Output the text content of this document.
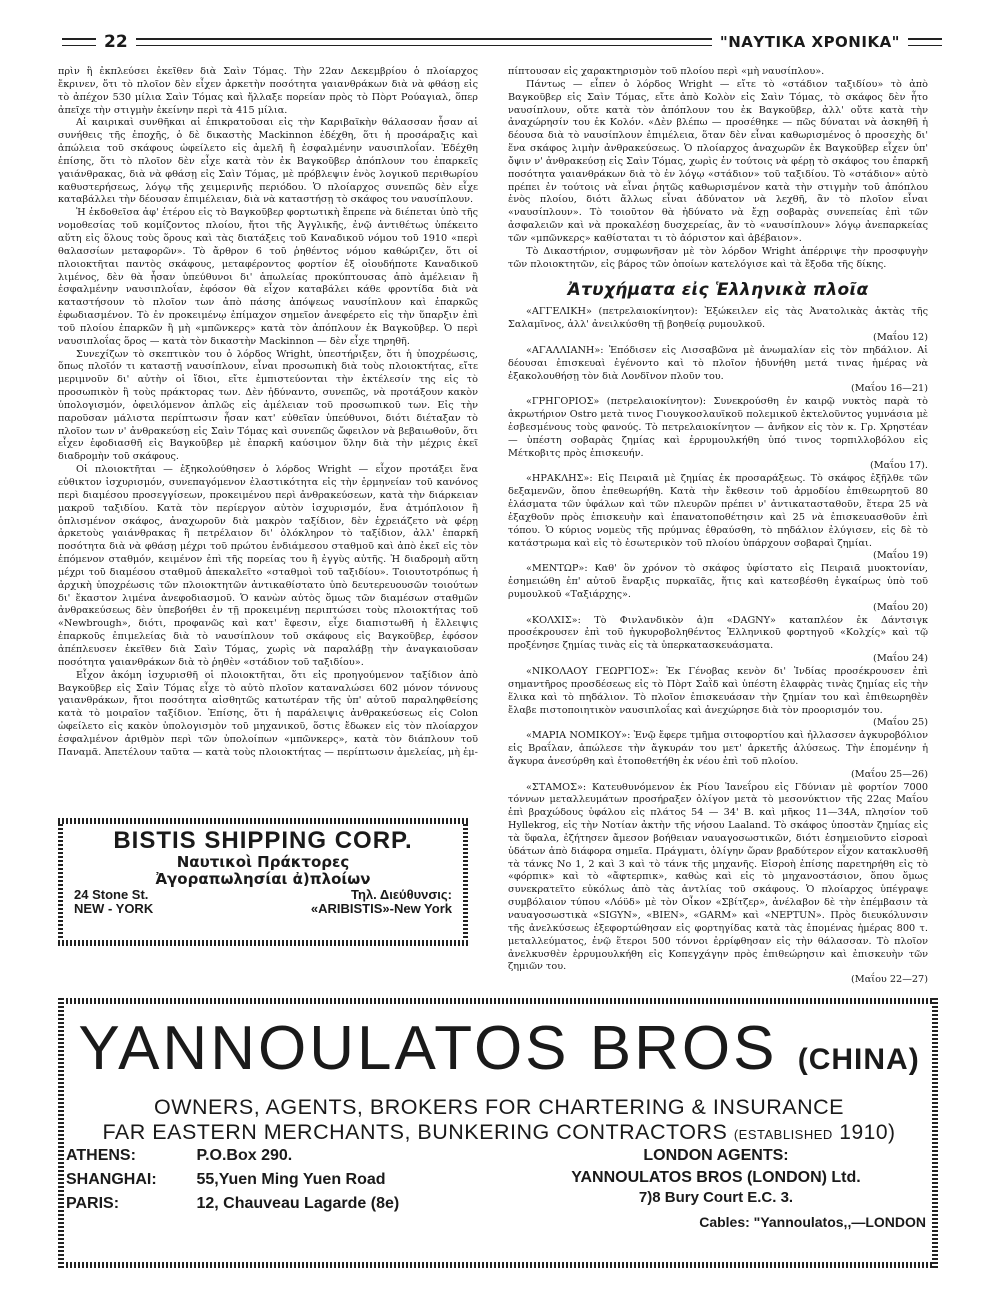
22	"ΝΑΥΤΙΚΑ ΧΡΟΝΙΚΑ"

πρὶν ἢ ἐκπλεύσει ἐκεῖθεν διὰ Σαὶν Τόμας. Τὴν 22αν Δεκεμβρίου ὁ πλοίαρχος ἔκρινεν, ὅτι τὸ πλοῖον δὲν εἶχεν ἀρκετὴν ποσότητα γαιανθράκων διὰ νὰ φθάσῃ εἰς τὸ ἀπέχον 530 μίλια Σαὶν Τόμας καὶ ἤλλαξε πορείαν πρὸς τὸ Πὸρτ Ρούαγιαλ, ὅπερ ἀπεῖχε τὴν στιγμὴν ἐκείνην περὶ τὰ 415 μίλια.

Αἱ καιρικαὶ συνθῆκαι αἱ ἐπικρατοῦσαι εἰς τὴν Καριβαϊκὴν θάλασσαν ἦσαν αἱ συνήθεις τῆς ἐποχῆς, ὁ δὲ δικαστὴς Mackinnon ἐδέχθη, ὅτι ἡ προσάραξις καὶ ἀπώλεια τοῦ σκάφους ὠφείλετο εἰς ἀμελῆ ἢ ἐσφαλμένην ναυσιπλοΐαν. Ἐδέχθη ἐπίσης, ὅτι τὸ πλοῖον δὲν εἶχε κατὰ τὸν ἐκ Βαγκοῦβερ ἀπόπλουν του ἐπαρκεῖς γαιάνθρακας, διὰ νὰ φθάσῃ εἰς Σαὶν Τόμας, μὲ πρόβλεψιν ἑνὸς λογικοῦ περιθωρίου καθυστερήσεως, λόγῳ τῆς χειμερινῆς περιόδου. Ὁ πλοίαρχος συνεπῶς δὲν εἶχε καταβάλλει τὴν δέουσαν ἐπιμέλειαν, διὰ νὰ καταστήσῃ τὸ σκάφος του ναυσίπλουν.

Ἡ ἐκδοθεῖσα ἀφ' ἑτέρου εἰς τὸ Βαγκοῦβερ φορτωτικὴ ἔπρεπε νὰ διέπεται ὑπὸ τῆς νομοθεσίας τοῦ κομίζοντος πλοίου, ἤτοι τῆς Ἀγγλικῆς, ἐνῷ ἀντιθέτως ὑπέκειτο αὕτη εἰς ὅλους τοὺς ὅρους καὶ τὰς διατάξεις τοῦ Καναδικοῦ νόμου τοῦ 1910 «περὶ θαλασσίων μεταφορῶν». Τὸ ἄρθρον 6 τοῦ ῥηθέντος νόμου καθώριζεν, ὅτι οἱ πλοιοκτῆται παντὸς σκάφους, μεταφέροντος φορτίον ἐξ οἱουδήποτε Καναδικοῦ λιμένος, δὲν θὰ ἦσαν ὑπεύθυνοι δι' ἀπωλείας προκύπτουσας ἀπὸ ἀμέλειαν ἢ ἐσφαλμένην ναυσιπλοΐαν, ἐφόσον θὰ εἶχον καταβάλει κάθε φροντίδα διὰ νὰ καταστήσουν τὸ πλοῖον των ἀπὸ πάσης ἀπόψεως ναυσίπλουν καὶ ἐπαρκῶς ἐφωδιασμένον. Τὸ ἐν προκειμένῳ ἐπίμαχον σημεῖον ἀνεφέρετο εἰς τὴν ὕπαρξιν ἐπὶ τοῦ πλοίου ἐπαρκῶν ἢ μὴ «μπῶνκερς» κατὰ τὸν ἀπόπλουν ἐκ Βαγκοῦβερ. Ὁ περὶ ναυσιπλοΐας ὅρος — κατὰ τὸν δικαστὴν Mackinnon — δὲν εἶχε τηρηθῆ.

Συνεχίζων τὸ σκεπτικὸν του ὁ λόρδος Wright, ὑπεστήριξεν, ὅτι ἡ ὑποχρέωσις, ὅπως πλοῖόν τι καταστῇ ναυσίπλουν, εἶναι προσωπικὴ διὰ τοὺς πλοιοκτήτας, εἴτε μεριμνοῦν δι' αὐτὴν οἱ ἴδιοι, εἴτε ἐμπιστεύονται τὴν ἐκτέλεσίν της εἰς τὸ προσωπικὸν ἢ τοὺς πράκτορας των. Δὲν ἠδύναντο, συνεπῶς, νὰ προτάξουν κακὸν ὑπολογισμόν, ὀφειλόμενον ἁπλῶς εἰς ἀμέλειαν τοῦ προσωπικοῦ των. Εἰς τὴν παροῦσαν μάλιστα περίπτωσιν ἦσαν κατ' εὐθεῖαν ὑπεύθυνοι, διότι διέταξαν τὸ πλοῖον των ν' ἀνθρακεύσῃ εἰς Σαὶν Τόμας καὶ συνεπῶς ὤφειλον νὰ βεβαιωθοῦν, ὅτι εἶχεν ἐφοδιασθῆ εἰς Βαγκοῦβερ μὲ ἐπαρκῆ καύσιμον ὕλην διὰ τὴν μέχρις ἐκεῖ διαδρομὴν τοῦ σκάφους.

Οἱ πλοιοκτῆται — ἐξηκολούθησεν ὁ λόρδος Wright — εἶχον προτάξει ἕνα εὐθικτον ἰσχυρισμόν, συνεπαγόμενον ἐλαστικότητα εἰς τὴν ἑρμηνείαν τοῦ κανόνος περὶ διαμέσου προσεγγίσεων, προκειμένου περὶ ἀνθρακεύσεων, κατὰ τὴν διάρκειαν μακροῦ ταξιδίου. Κατὰ τὸν περίεργον αὐτὸν ἰσχυρισμόν, ἕνα ἀτμόπλοιον ἢ ὁπλισμένον σκάφος, ἀναχωροῦν διὰ μακρὸν ταξίδιον, δὲν ἐχρειάζετο νὰ φέρῃ ἀρκετοὺς γαιάνθρακας ἢ πετρέλαιον δι' ὁλόκληρον τὸ ταξίδιον, ἀλλ' ἐπαρκῆ ποσότητα διὰ νὰ φθάσῃ μέχρι τοῦ πρώτου ἐνδιάμεσου σταθμοῦ καὶ ἀπὸ ἐκεῖ εἰς τὸν ἑπόμενον σταθμόν, κειμένον ἐπὶ τῆς πορείας του ἢ ἐγγὺς αὐτῆς. Ἡ διαδρομὴ αὕτη μέχρι τοῦ διαμέσου σταθμοῦ ἀπεκαλεῖτο «σταθμοὶ τοῦ ταξιδίου». Τοιουτοτρόπως ἡ ἀρχικὴ ὑποχρέωσις τῶν πλοιοκτητῶν ἀντικαθίστατο ὑπὸ δευτερευουσῶν τοιούτων δι' ἕκαστον λιμένα ἀνεφοδιασμοῦ. Ὁ κανὼν αὐτὸς ὅμως τῶν διαμέσων σταθμῶν ἀνθρακεύσεως δὲν ὑπεβοήθει ἐν τῇ προκειμένῃ περιπτώσει τοὺς πλοιοκτήτας τοῦ «Newbrough», διότι, προφανῶς καὶ κατ' ἔφεσιν, εἶχε διαπιστωθῆ ἡ ἔλλειψις ἐπαρκοῦς ἐπιμελείας διὰ τὸ ναυσίπλουν τοῦ σκάφους εἰς Βαγκοῦβερ, ἐφόσον ἀπέπλευσεν ἐκεῖθεν διὰ Σαὶν Τόμας, χωρὶς νὰ παραλάβῃ τὴν ἀναγκαιοῦσαν ποσότητα γαιανθράκων διὰ τὸ ῥηθὲν «στάδιον τοῦ ταξιδίου».

Εἶχον ἀκόμη ἰσχυρισθῆ οἱ πλοιοκτῆται, ὅτι εἰς προηγούμενον ταξίδιον ἀπὸ Βαγκοῦβερ εἰς Σαὶν Τόμας εἶχε τὸ αὐτὸ πλοῖον καταναλώσει 602 μόνον τόννους γαιανθράκων, ἤτοι ποσότητα αἰσθητῶς κατωτέραν τῆς ὑπ' αὐτοῦ παραληφθείσης κατὰ τὸ μοιραῖον ταξίδιον. Ἐπίσης, ὅτι ἡ παράλειψις ἀνθρακεύσεως εἰς Colon ὠφείλετο εἰς κακὸν ὑπολογισμὸν τοῦ μηχανικοῦ, ὅστις ἔδωκεν εἰς τὸν πλοίαρχον ἐσφαλμένον ἀριθμὸν περὶ τῶν ὑπολοίπων «μπῶνκερς», κατὰ τὸν διάπλουν τοῦ Παναμᾶ. Ἀπετέλουν ταῦτα — κατὰ τοὺς πλοιοκτήτας — περίπτωσιν ἀμελείας, μὴ ἐμ-

πίπτουσαν εἰς χαρακτηρισμὸν τοῦ πλοίου περὶ «μὴ ναυσίπλου».

Πάντως — εἶπεν ὁ λόρδος Wright — εἴτε τὸ «στάδιον ταξιδίου» τὸ ἀπὸ Βαγκοῦβερ εἰς Σαὶν Τόμας, εἴτε ἀπὸ Κολὸν εἰς Σαὶν Τόμας, τὸ σκάφος δὲν ἦτο ναυσίπλουν, οὔτε κατὰ τὸν ἀπόπλουν του ἐκ Βαγκοῦβερ, ἀλλ' οὔτε κατὰ τὴν ἀναχώρησίν του ἐκ Κολόν. «Δὲν βλέπω — προσέθηκε — πῶς δύναται νὰ ἀσκηθῆ ἡ δέουσα διὰ τὸ ναυσίπλουν ἐπιμέλεια, ὅταν δὲν εἶναι καθωρισμένος ὁ προσεχὴς δι' ἕνα σκάφος λιμὴν ἀνθρακεύσεως. Ὁ πλοίαρχος ἀναχωρῶν ἐκ Βαγκοῦβερ εἶχεν ὑπ' ὄψιν ν' ἀνθρακεύσῃ εἰς Σαὶν Τόμας, χωρὶς ἐν τούτοις νὰ φέρῃ τὸ σκάφος του ἐπαρκῆ ποσότητα γαιανθράκων διὰ τὸ ἐν λόγῳ «στάδιον» τοῦ ταξιδίου. Τὸ «στάδιον» αὐτὸ πρέπει ἐν τούτοις νὰ εἶναι ῥητῶς καθωρισμένον κατὰ τὴν στιγμὴν τοῦ ἀπόπλου ἑνὸς πλοίου, διότι ἄλλως εἶναι ἀδύνατον νὰ λεχθῆ, ἂν τὸ πλοῖον εἶναι «ναυσίπλουν». Τὸ τοιοῦτον θὰ ἠδύνατο νὰ ἔχῃ σοβαρὰς συνεπείας ἐπὶ τῶν ἀσφαλειῶν καὶ νὰ προκαλέσῃ δυσχερείας, ἂν τὸ «ναυσίπλουν» λόγῳ ἀνεπαρκείας τῶν «μπῶνκερς» καθίσταται τι τὸ ἀόριστον καὶ ἀβέβαιον».

Τὸ Δικαστήριον, συμφωνῆσαν μὲ τὸν λόρδον Wright ἀπέρριψε τὴν προσφυγὴν τῶν πλοιοκτητῶν, εἰς βάρος τῶν ὁποίων κατελόγισε καὶ τὰ ἔξοδα τῆς δίκης.

Ἀτυχήματα εἰς Ἑλληνικὰ πλοῖα

«ΑΓΓΕΛΙΚΗ» (πετρελαιοκίνητον): Ἐξώκειλεν εἰς τὰς Ἀνατολικὰς ἀκτὰς τῆς Σαλαμῖνος, ἀλλ' ἀνειλκύσθη τῇ βοηθείᾳ ρυμουλκοῦ.

(Μαΐου 12)

«ΑΓΑΛΛΙΑΝΗ»: Ἐπόδισεν εἰς Λισσαβῶνα μὲ ἀνωμαλίαν εἰς τὸν πηδάλιον. Αἱ δέουσαι ἐπισκευαὶ ἐγένοντο καὶ τὸ πλοῖον ἠδυνήθη μετά τινας ἡμέρας νὰ ἐξακολουθήσῃ τὸν διὰ Λονδῖνον πλοῦν του.

(Μαΐου 16—21)

«ΓΡΗΓΟΡΙΟΣ» (πετρελαιοκίνητον): Συνεκρούσθη ἐν καιρῷ νυκτὸς παρὰ τὸ ἀκρωτήριον Ostro μετὰ τινος Γιουγκοσλαυϊκοῦ πολεμικοῦ ἐκτελοῦντος γυμνάσια μὲ ἐσβεσμένους τοὺς φανούς. Τὸ πετρελαιοκίνητον — ἀνῆκον εἰς τὸν κ. Γρ. Χρηστέαν — ὑπέστη σοβαρὰς ζημίας καὶ ἐρρυμουλκήθη ὑπό τινος τορπιλλοβόλου εἰς Μέτκοβιτς πρὸς ἐπισκευήν.

(Μαΐου 17).

«ΗΡΑΚΛΗΣ»: Εἰς Πειραιᾶ μὲ ζημίας ἐκ προσαράξεως. Τὸ σκάφος ἐξῆλθε τῶν δεξαμενῶν, ὅπου ἐπεθεωρήθη. Κατὰ τὴν ἔκθεσιν τοῦ ἁρμοδίου ἐπιθεωρητοῦ 80 ἐλάσματα τῶν ὑφάλων καὶ τῶν πλευρῶν πρέπει ν' ἀντικατασταθοῦν, ἕτερα 25 νὰ ἐξαχθοῦν πρὸς ἐπισκευὴν καὶ ἐπανατοποθέτησιν καὶ 25 νὰ ἐπισκευασθοῦν ἐπὶ τόπου. Ὁ κύριος νομεὺς τῆς πρύμνας ἐθραύσθη, τὸ πηδάλιον ἐλύγισεν, εἰς δὲ τὸ κατάστρωμα καὶ εἰς τὸ ἐσωτερικὸν τοῦ πλοίου ὑπάρχουν σοβαραὶ ζημίαι.

(Μαΐου 19)

«ΜΕΝΤΩΡ»: Καθ' ὃν χρόνον τὸ σκάφος ὑφίστατο εἰς Πειραιᾶ μυοκτονίαν, ἐσημειώθη ἐπ' αὐτοῦ ἔναρξις πυρκαϊᾶς, ἥτις καὶ κατεσβέσθη ἐγκαίρως ὑπὸ τοῦ ρυμουλκοῦ «Ταξιάρχης».

(Μαΐου 20)

«ΚΟΛΧΙΣ»: Τὸ Φινλανδικὸν ἀ)π «DAGNY» καταπλέον ἐκ Δάντσιγκ προσέκρουσεν ἐπὶ τοῦ ἠγκυροβοληθέντος Ἑλληνικοῦ φορτηγοῦ «Κολχίς» καὶ τῷ προξένησε ζημίας τινὰς εἰς τὰ ὑπερκατασκευάσματα.

(Μαΐου 24)

«ΝΙΚΟΛΑΟΥ ΓΕΩΡΓΙΟΣ»: Ἐκ Γένοβας κενὸν δι' Ἰνδίας προσέκρουσεν ἐπὶ σημαντῆρος προσδέσεως εἰς τὸ Πὸρτ Σαῒδ καὶ ὑπέστη ἐλαφρὰς τινὰς ζημίας εἰς τὴν ἕλικα καὶ τὸ πηδάλιον. Τὸ πλοῖον ἐπισκευάσαν τὴν ζημίαν του καὶ ἐπιθεωρηθὲν ἔλαβε πιστοποιητικὸν ναυσιπλοΐας καὶ ἀνεχώρησε διὰ τὸν προορισμόν του.

(Μαΐου 25)

«ΜΑΡΙΑ ΝΟΜΙΚΟΥ»: Ἐνῷ ἔφερε τμῆμα σιτοφορτίου καὶ ἠλλασσεν ἀγκυροβόλιον εἰς Βραΐλαν, ἀπώλεσε τὴν ἄγκυράν του μετ' ἀρκετῆς ἁλύσεως. Τὴν ἑπομένην ἡ ἄγκυρα ἀνεσύρθη καὶ ἐτοποθετήθη ἐκ νέου ἐπὶ τοῦ πλοίου.

(Μαΐου 25—26)

«ΣΤΑΜΟΣ»: Κατευθυνόμενον ἐκ Ρίου Ἰανεΐρου εἰς Γδύνιαν μὲ φορτίον 7000 τόννων μεταλλευμάτων προσήραξεν ὀλίγον μετὰ τὸ μεσονύκτιον τῆς 22ας Μαΐου ἐπὶ βραχώδους ὑφάλου εἰς πλάτος 54 — 34' Β. καὶ μῆκος 11—34Α, πλησίον τοῦ Hyllekrog, εἰς τὴν Νοτίαν ἀκτὴν τῆς νήσου Laaland. Τὸ σκάφος ὑποστὰν ζημίας εἰς τὰ ὕφαλα, ἐζήτησεν ἄμεσον βοήθειαν ναυαγοσωστικῶν, διότι ἐσημειοῦντο εἰσροαὶ ὑδάτων ἀπὸ διάφορα σημεῖα. Πράγματι, ὀλίγην ὥραν βραδύτερον εἶχον κατακλυσθῆ τὰ τάνκς Νο 1, 2 καὶ 3 καὶ τὸ τάνκ τῆς μηχανῆς. Εἰσροὴ ἐπίσης παρετηρήθη εἰς τὸ «φόρπικ» καὶ τὸ «ἄφτερπικ», καθὼς καὶ εἰς τὸ μηχανοστάσιον, ὅπου ὅμως συνεκρατεῖτο εὐκόλως ἀπὸ τὰς ἀντλίας τοῦ σκάφους. Ὁ πλοίαρχος ὑπέγραψε συμβόλαιον τύπου «Λόϋδ» μὲ τὸν Οἶκον «Σβίτζερ», ἀνέλαβον δὲ τὴν ἐπέμβασιν τὰ ναυαγοσωστικὰ «SIGYN», «BIEN», «GARM» καὶ «NEPTUN». Πρὸς διευκόλυνσιν τῆς ἀνελκύσεως ἐξεφορτώθησαν εἰς φορτηγίδας κατὰ τὰς ἑπομένας ἡμέρας 800 τ. μεταλλεύματος, ἐνῷ ἕτεροι 500 τόννοι ἐρρίφθησαν εἰς τὴν θάλασσαν. Τὸ πλοῖον ἀνελκυσθὲν ἐρρυμουλκήθη εἰς Κοπεγχάγην πρὸς ἐπιθεώρησιν καὶ ἐπισκευὴν τῶν ζημιῶν του.

(Μαΐου 22—27)

BISTIS SHIPPING CORP.
Ναυτικοὶ Πράκτορες
Ἀγοραπωλησίαι ἀ)πλοίων
24 Stone St.	Τηλ. Διεύθυνσις:
NEW - YORK	«ARIBISTIS»-New York
YANNOULATOS BROS (CHINA)
OWNERS, AGENTS, BROKERS FOR CHARTERING & INSURANCE
FAR EASTERN MERCHANTS, BUNKERING CONTRACTORS (ESTABLISHED 1910)
ATHENS:	P.O.Box 290.
SHANGHAI: 55,Yuen Ming Yuen Road
PARIS:	12, Chauveau Lagarde (8e)
LONDON AGENTS:
YANNOULATOS BROS (LONDON) Ltd.
7)8 Bury Court E.C. 3.
Cables: "Yannoulatos,,—LONDON
